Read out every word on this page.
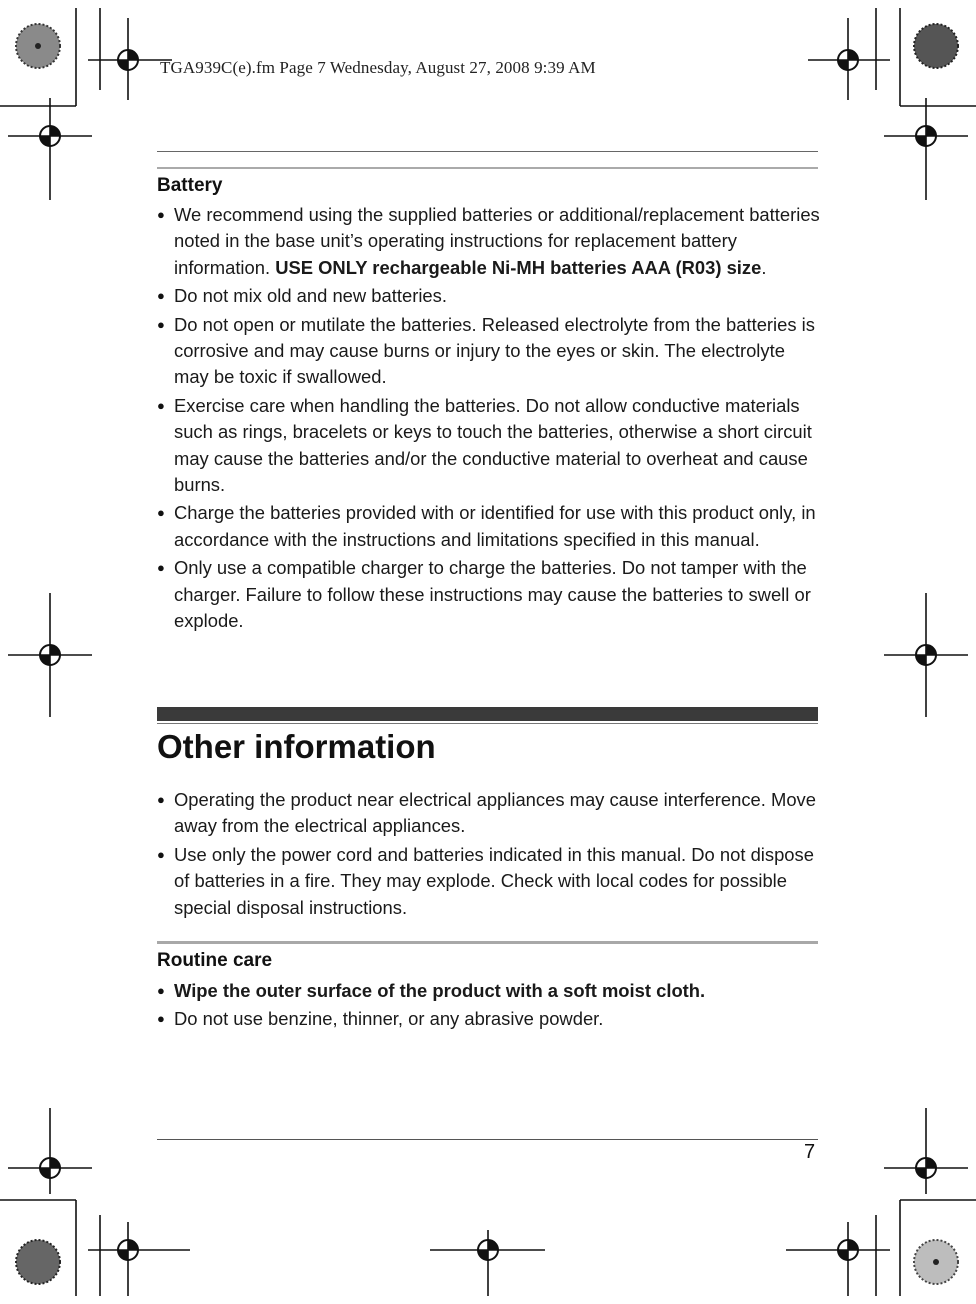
TGA939C(e).fm Page 7 Wednesday, August 27, 2008 9:39 AM
Battery
● We recommend using the supplied batteries or additional/replacement batteries noted in the base unit’s operating instructions for replacement battery information. USE ONLY rechargeable Ni-MH batteries AAA (R03) size.
● Do not mix old and new batteries.
● Do not open or mutilate the batteries. Released electrolyte from the batteries is corrosive and may cause burns or injury to the eyes or skin. The electrolyte may be toxic if swallowed.
● Exercise care when handling the batteries. Do not allow conductive materials such as rings, bracelets or keys to touch the batteries, otherwise a short circuit may cause the batteries and/or the conductive material to overheat and cause burns.
● Charge the batteries provided with or identified for use with this product only, in accordance with the instructions and limitations specified in this manual.
● Only use a compatible charger to charge the batteries. Do not tamper with the charger. Failure to follow these instructions may cause the batteries to swell or explode.
Other information
● Operating the product near electrical appliances may cause interference. Move away from the electrical appliances.
● Use only the power cord and batteries indicated in this manual. Do not dispose of batteries in a fire. They may explode. Check with local codes for possible special disposal instructions.
Routine care
● Wipe the outer surface of the product with a soft moist cloth.
● Do not use benzine, thinner, or any abrasive powder.
7
